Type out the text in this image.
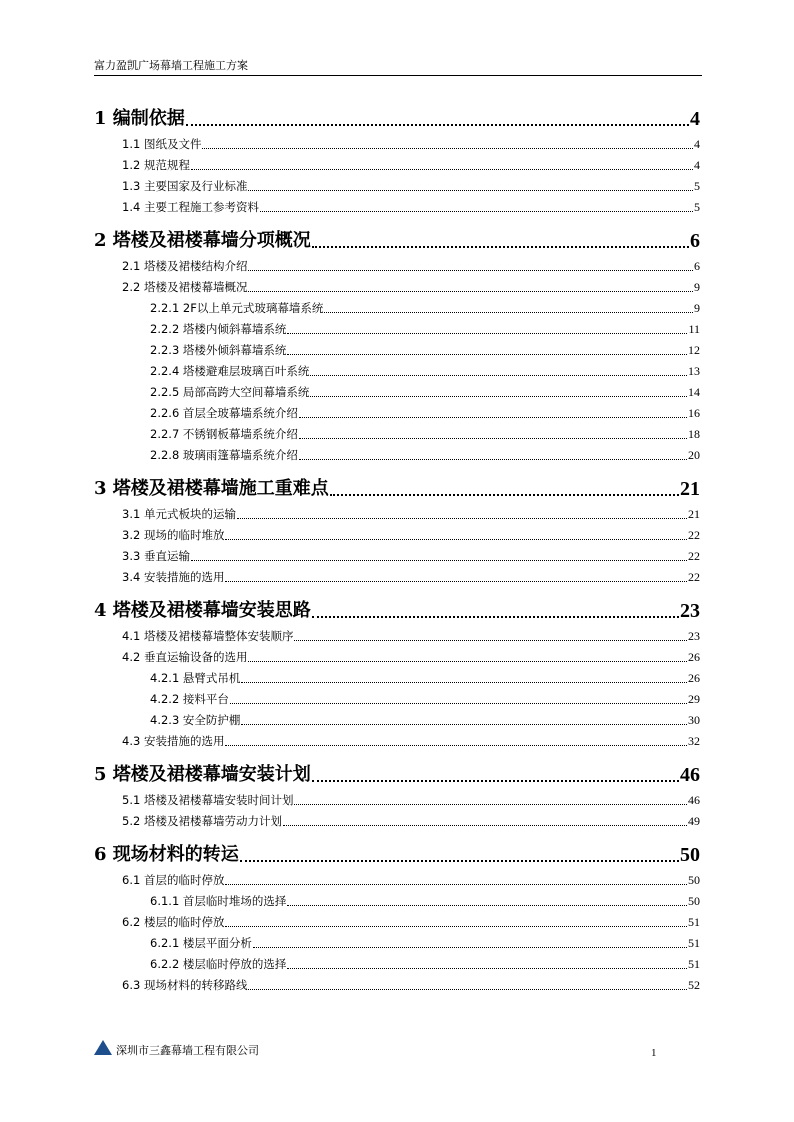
富力盈凯广场幕墙工程施工方案
1 编制依据	4
1.1 图纸及文件	4
1.2 规范规程	4
1.3 主要国家及行业标准	5
1.4 主要工程施工参考资料	5
2 塔楼及裙楼幕墙分项概况	6
2.1 塔楼及裙楼结构介绍	6
2.2 塔楼及裙楼幕墙概况	9
2.2.1 2F以上单元式玻璃幕墙系统	9
2.2.2 塔楼内倾斜幕墙系统	11
2.2.3 塔楼外倾斜幕墙系统	12
2.2.4 塔楼避难层玻璃百叶系统	13
2.2.5 局部高跨大空间幕墙系统	14
2.2.6 首层全玻幕墙系统介绍	16
2.2.7 不锈钢板幕墙系统介绍	18
2.2.8 玻璃雨篷幕墙系统介绍	20
3 塔楼及裙楼幕墙施工重难点	21
3.1 单元式板块的运输	21
3.2 现场的临时堆放	22
3.3 垂直运输	22
3.4 安装措施的选用	22
4 塔楼及裙楼幕墙安装思路	23
4.1 塔楼及裙楼幕墙整体安装顺序	23
4.2 垂直运输设备的选用	26
4.2.1 悬臂式吊机	26
4.2.2 接料平台	29
4.2.3 安全防护棚	30
4.3 安装措施的选用	32
5 塔楼及裙楼幕墙安装计划	46
5.1 塔楼及裙楼幕墙安装时间计划	46
5.2 塔楼及裙楼幕墙劳动力计划	49
6 现场材料的转运	50
6.1 首层的临时停放	50
6.1.1 首层临时堆场的选择	50
6.2 楼层的临时停放	51
6.2.1 楼层平面分析	51
6.2.2 楼层临时停放的选择	51
6.3 现场材料的转移路线	52
深圳市三鑫幕墙工程有限公司	1
